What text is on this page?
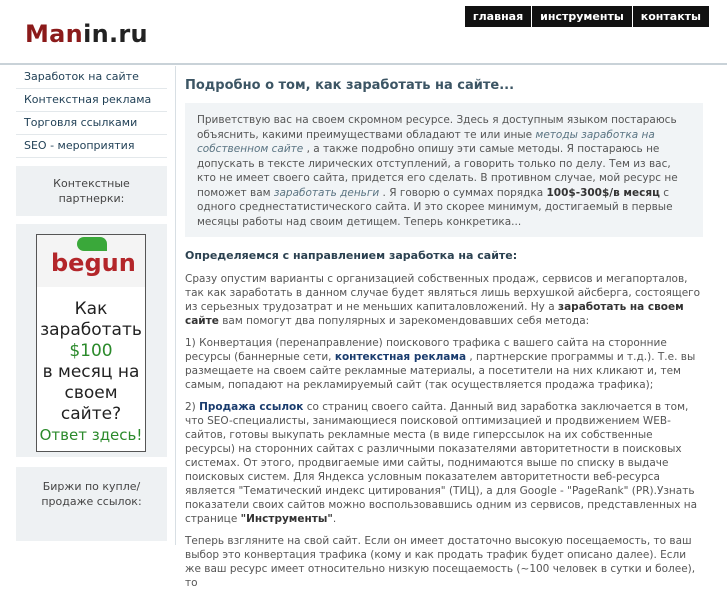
Manin.ru
главная	инструменты	контакты
Заработок на сайте
Контекстная реклама
Торговля ссылками
SEO - мероприятия
Контекстные партнерки:
begun
Как заработать
$100
в месяц на своем сайте?
Ответ здесь!
Биржи по купле/продаже ссылок:
Подробно о том, как заработать на сайте...
Приветствую вас на своем скромном ресурсе. Здесь я доступным языком постараюсь объяснить, какими преимуществами обладают те или иные методы заработка на собственном сайте , а также подробно опишу эти самые методы. Я постараюсь не допускать в тексте лирических отступлений, а говорить только по делу. Тем из вас, кто не имеет своего сайта, придется его сделать. В противном случае, мой ресурс не поможет вам заработать деньги . Я говорю о суммах порядка 100$-300$/в месяц с одного среднестатистического сайта. И это скорее минимум, достигаемый в первые месяцы работы над своим детищем. Теперь конкретика...
Определяемся с направлением заработка на сайте:

Сразу опустим варианты с организацией собственных продаж, сервисов и мегапорталов, так как заработать в данном случае будет являться лишь верхушкой айсберга, состоящего из серьезных трудозатрат и не меньших капиталовложений. Ну а заработать на своем сайте вам помогут два популярных и зарекомендовавших себя метода:

1) Конвертация (перенаправление) поискового трафика с вашего сайта на сторонние ресурсы (баннерные сети, контекстная реклама , партнерские программы и т.д.). Т.е. вы размещаете на своем сайте рекламные материалы, а посетители на них кликают и, тем самым, попадают на рекламируемый сайт (так осуществляется продажа трафика);

2) Продажа ссылок со страниц своего сайта. Данный вид заработка заключается в том, что SEO-специалисты, занимающиеся поисковой оптимизацией и продвижением WEB-сайтов, готовы выкупать рекламные места (в виде гиперссылок на их собственные ресурсы) на сторонних сайтах с различными показателями авторитетности в поисковых системах. От этого, продвигаемые ими сайты, поднимаются выше по списку в выдаче поисковых систем. Для Яндекса условным показателем авторитетности веб-ресурса является "Тематический индекс цитирования" (ТИЦ), а для Google - "PageRank" (PR).Узнать показатели своих сайтов можно воспользовавшись одним из сервисов, представленных на странице "Инструменты".

Теперь взгляните на свой сайт. Если он имеет достаточно высокую посещаемость, то ваш выбор это конвертация трафика (кому и как продать трафик будет описано далее). Если же ваш ресурс имеет относительно низкую посещаемость (~100 человек в сутки и более), то
